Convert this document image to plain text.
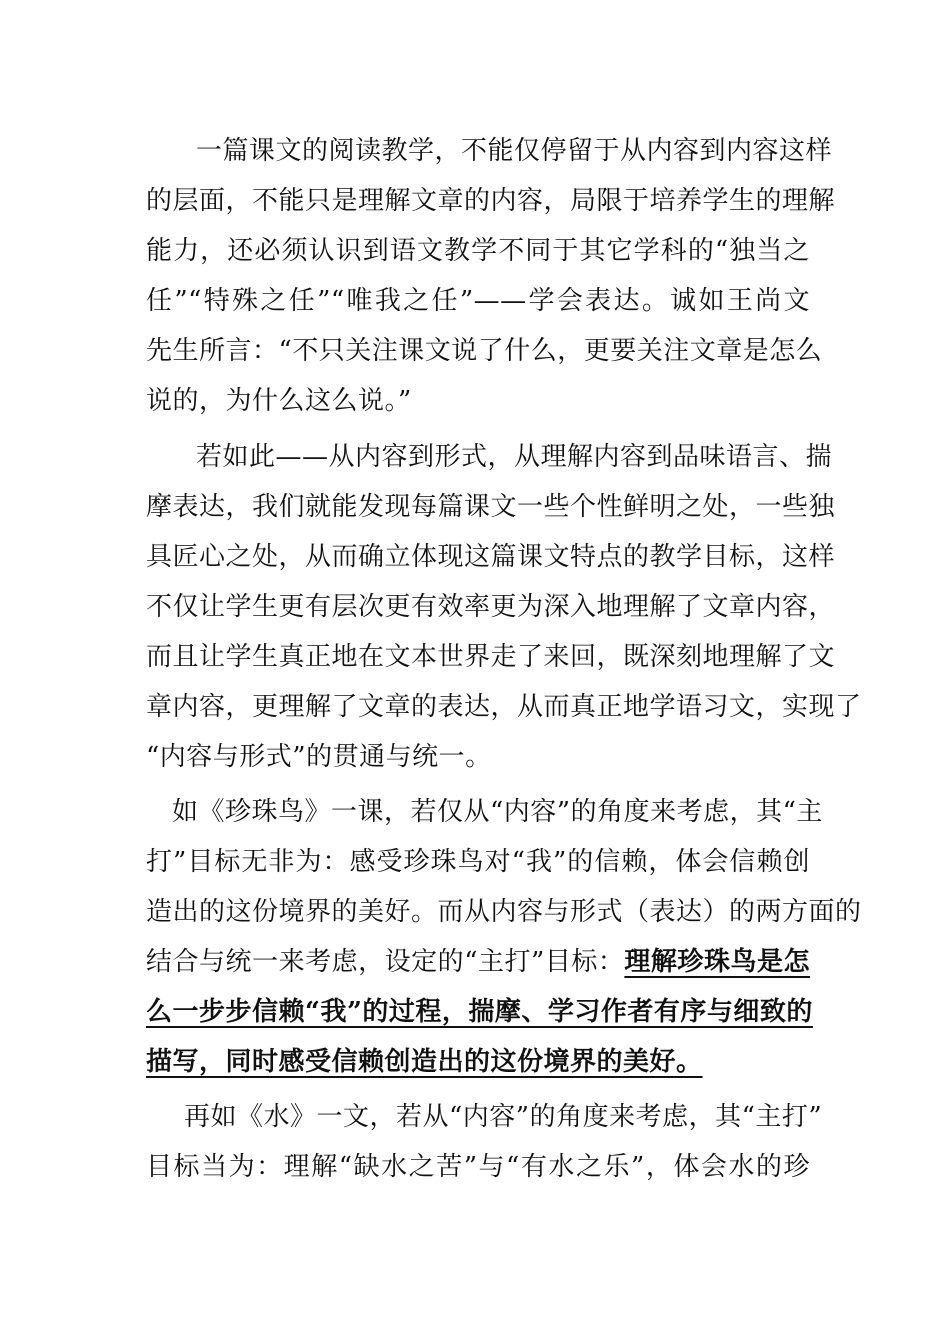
一篇课文的阅读教学，不能仅停留于从内容到内容这样
的层面，不能只是理解文章的内容，局限于培养学生的理解
能力，还必须认识到语文教学不同于其它学科的“独当之
任”“特殊之任”“唯我之任”——学会表达。诚如王尚文
先生所言：“不只关注课文说了什么，更要关注文章是怎么
说的，为什么这么说。”
若如此——从内容到形式，从理解内容到品味语言、揣
摩表达，我们就能发现每篇课文一些个性鲜明之处，一些独
具匠心之处，从而确立体现这篇课文特点的教学目标，这样
不仅让学生更有层次更有效率更为深入地理解了文章内容，
而且让学生真正地在文本世界走了来回，既深刻地理解了文
章内容，更理解了文章的表达，从而真正地学语习文，实现了
“内容与形式”的贯通与统一。
如《珍珠鸟》一课，若仅从“内容”的角度来考虑，其“主
打”目标无非为：感受珍珠鸟对“我”的信赖，体会信赖创
造出的这份境界的美好。而从内容与形式（表达）的两方面的
结合与统一来考虑，设定的“主打”目标：理解珍珠鸟是怎
么一步步信赖“我”的过程，揣摩、学习作者有序与细致的
描写，同时感受信赖创造出的这份境界的美好。
再如《水》一文，若从“内容”的角度来考虑，其“主打”
目标当为：理解“缺水之苦”与“有水之乐”，体会水的珍
